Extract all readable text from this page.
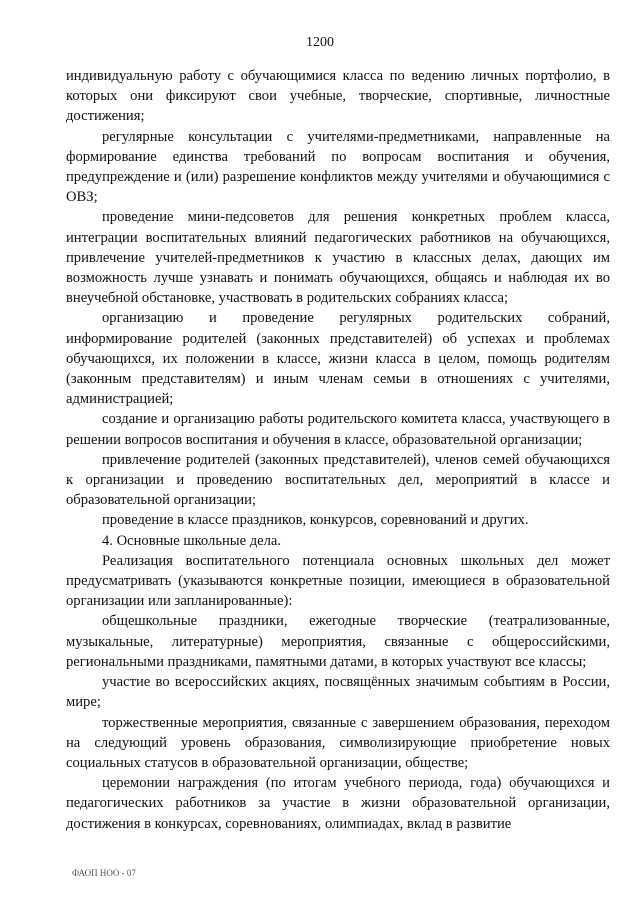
1200

индивидуальную работу с обучающимися класса по ведению личных портфолио, в которых они фиксируют свои учебные, творческие, спортивные, личностные достижения;

регулярные консультации с учителями-предметниками, направленные на формирование единства требований по вопросам воспитания и обучения, предупреждение и (или) разрешение конфликтов между учителями и обучающимися с ОВЗ;

проведение мини-педсоветов для решения конкретных проблем класса, интеграции воспитательных влияний педагогических работников на обучающихся, привлечение учителей-предметников к участию в классных делах, дающих им возможность лучше узнавать и понимать обучающихся, общаясь и наблюдая их во внеучебной обстановке, участвовать в родительских собраниях класса;

организацию и проведение регулярных родительских собраний, информирование родителей (законных представителей) об успехах и проблемах обучающихся, их положении в классе, жизни класса в целом, помощь родителям (законным представителям) и иным членам семьи в отношениях с учителями, администрацией;

создание и организацию работы родительского комитета класса, участвующего в решении вопросов воспитания и обучения в классе, образовательной организации;

привлечение родителей (законных представителей), членов семей обучающихся к организации и проведению воспитательных дел, мероприятий в классе и образовательной организации;

проведение в классе праздников, конкурсов, соревнований и других.

4. Основные школьные дела.

Реализация воспитательного потенциала основных школьных дел может предусматривать (указываются конкретные позиции, имеющиеся в образовательной организации или запланированные):

общешкольные праздники, ежегодные творческие (театрализованные, музыкальные, литературные) мероприятия, связанные с общероссийскими, региональными праздниками, памятными датами, в которых участвуют все классы;

участие во всероссийских акциях, посвящённых значимым событиям в России, мире;

торжественные мероприятия, связанные с завершением образования, переходом на следующий уровень образования, символизирующие приобретение новых социальных статусов в образовательной организации, обществе;

церемонии награждения (по итогам учебного периода, года) обучающихся и педагогических работников за участие в жизни образовательной организации, достижения в конкурсах, соревнованиях, олимпиадах, вклад в развитие

ФАОП НОО - 07
